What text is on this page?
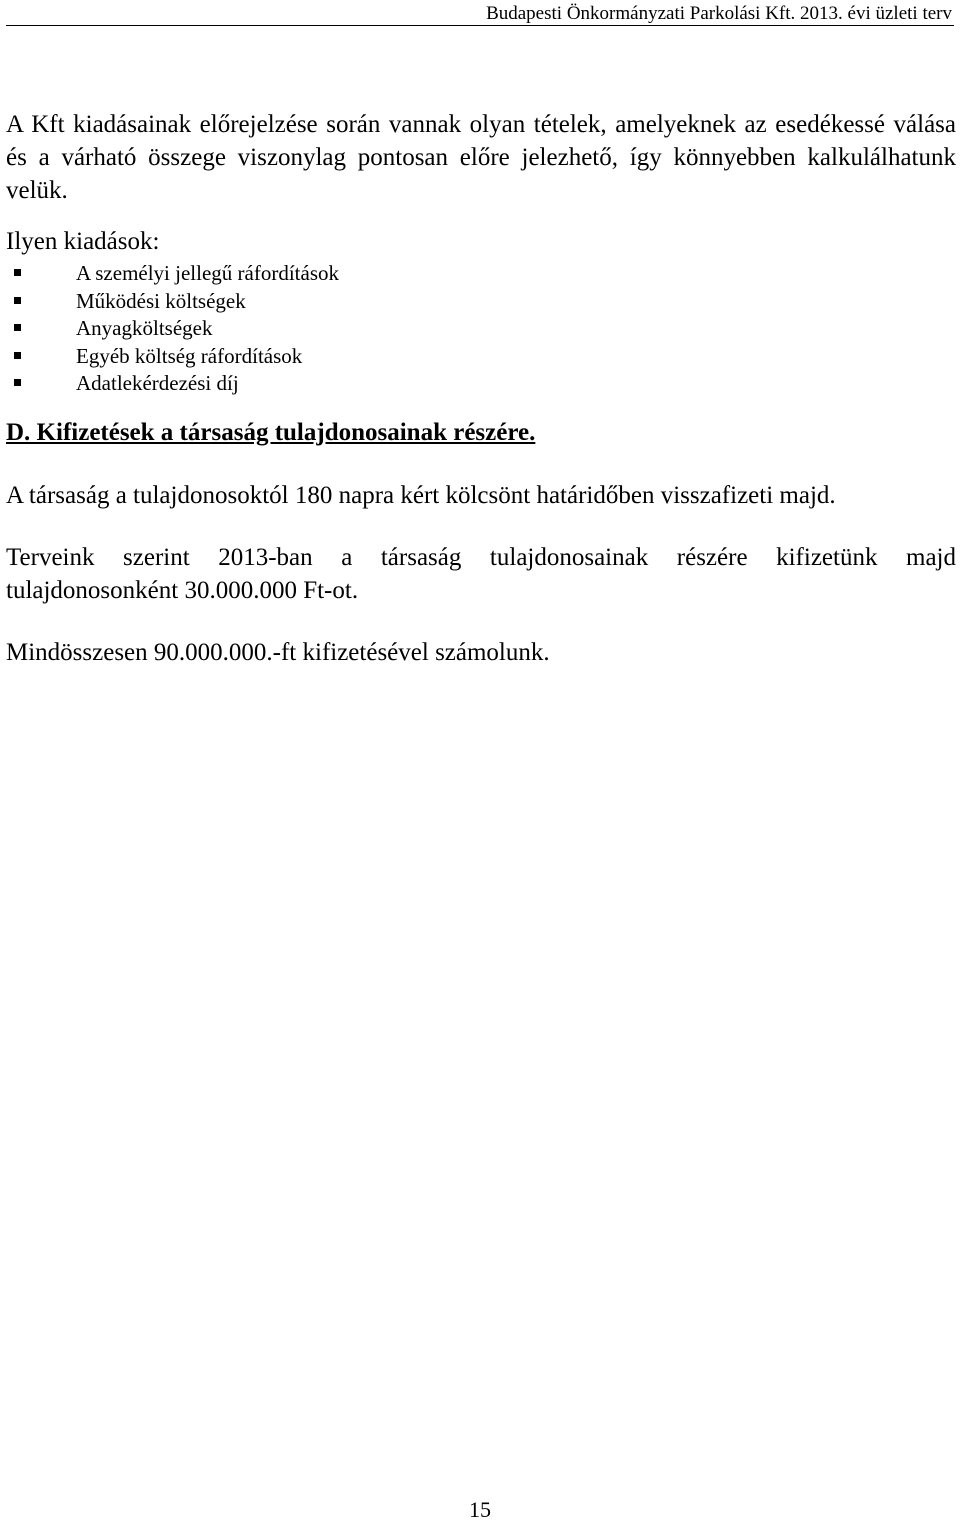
Budapesti Önkormányzati Parkolási Kft. 2013. évi üzleti terv

A Kft kiadásainak előrejelzése során vannak olyan tételek, amelyeknek az esedékessé válása és a várható összege viszonylag pontosan előre jelezhető, így könnyebben kalkulálhatunk velük.

Ilyen kiadások:

A személyi jellegű ráfordítások
Működési költségek
Anyagköltségek
Egyéb költség ráfordítások
Adatlekérdezési díj

D. Kifizetések a társaság tulajdonosainak részére.

A társaság a tulajdonosoktól 180 napra kért kölcsönt határidőben visszafizeti majd.

Terveink szerint 2013-ban a társaság tulajdonosainak részére kifizetünk majd tulajdonosonként 30.000.000 Ft-ot.

Mindösszesen 90.000.000.-ft kifizetésével számolunk.

15
